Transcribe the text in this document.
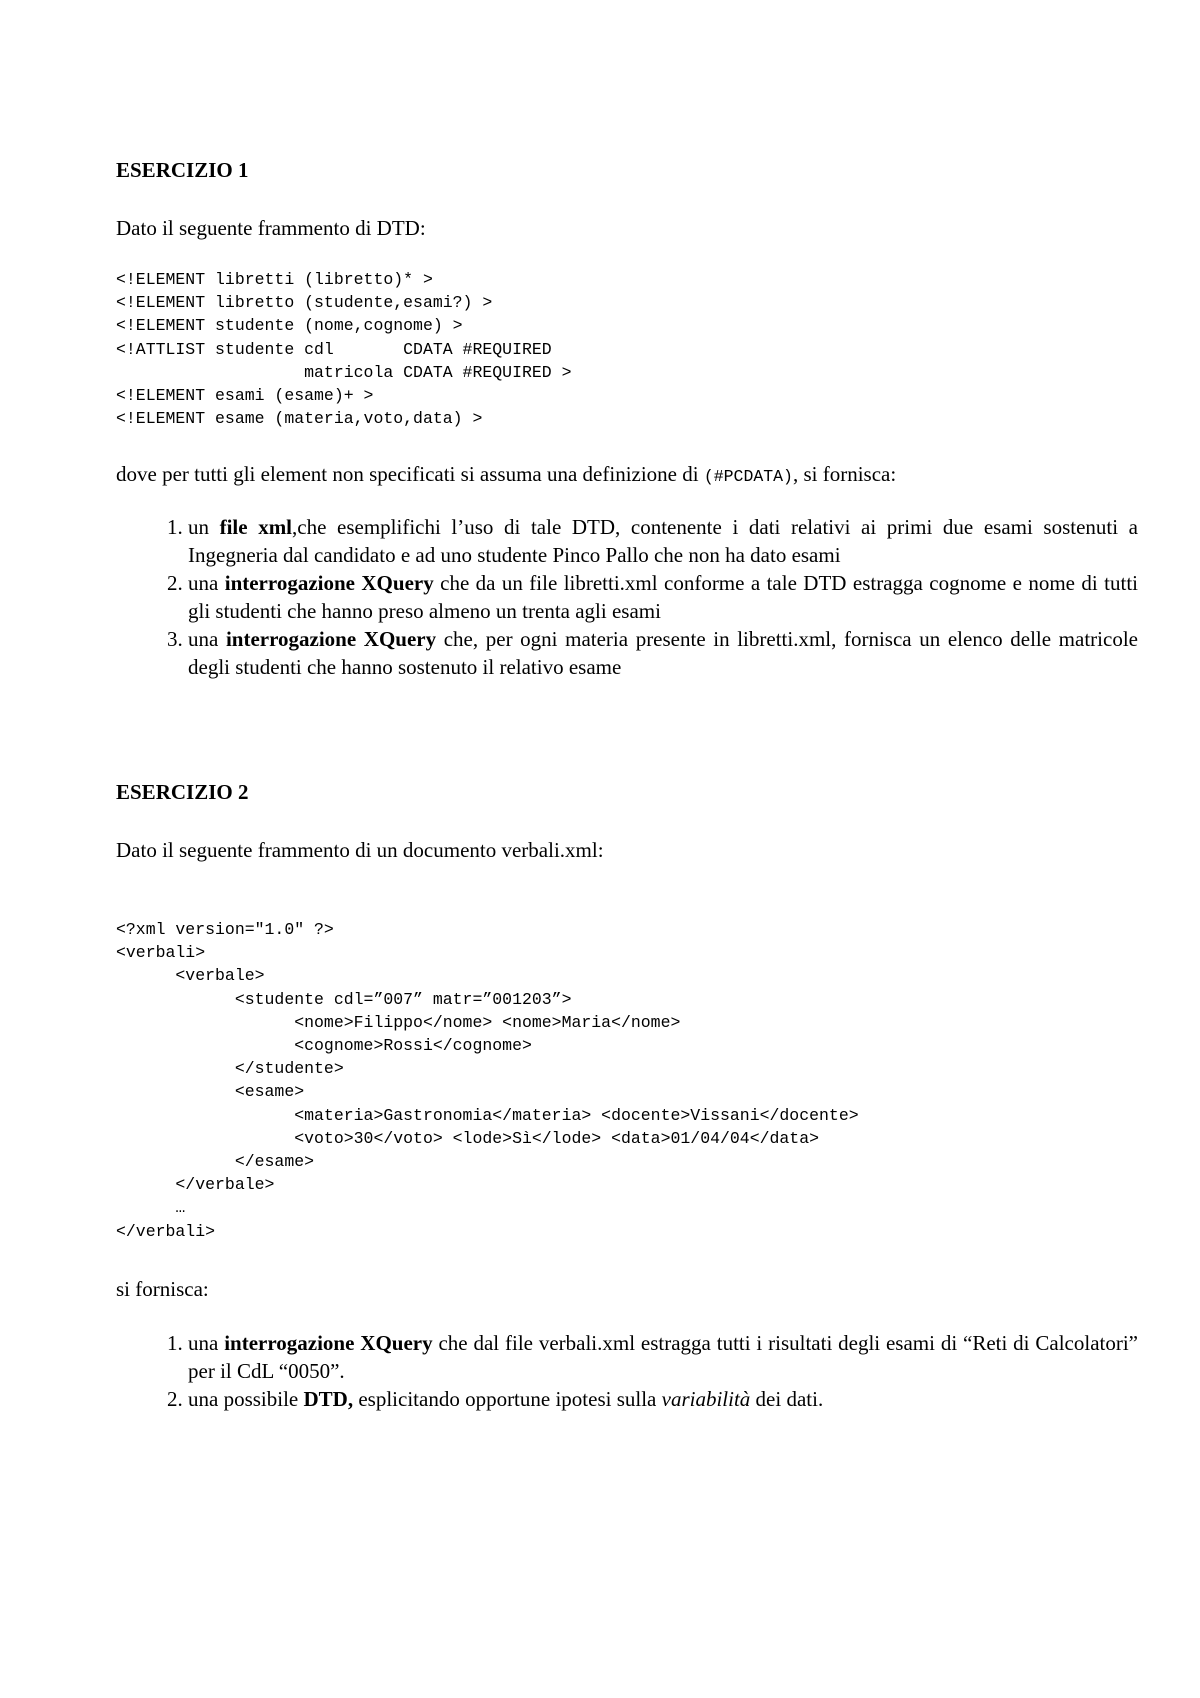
ESERCIZIO 1

Dato il seguente frammento di DTD:

<!ELEMENT libretti (libretto)* >
<!ELEMENT libretto (studente,esami?) >
<!ELEMENT studente (nome,cognome) >
<!ATTLIST studente cdl       CDATA #REQUIRED
matricola CDATA #REQUIRED >
<!ELEMENT esami (esame)+ >
<!ELEMENT esame (materia,voto,data) >

dove per tutti gli element non specificati si assuma una definizione di (#PCDATA), si fornisca:

1. un file xml,che esemplifichi l’uso di tale DTD, contenente i dati relativi ai primi due esami sostenuti a Ingegneria dal candidato e ad uno studente Pinco Pallo che non ha dato esami
2. una interrogazione XQuery che da un file libretti.xml conforme a tale DTD estragga cognome e nome di tutti gli studenti che hanno preso almeno un trenta agli esami
3. una interrogazione XQuery che, per ogni materia presente in libretti.xml, fornisca un elenco delle matricole degli studenti che hanno sostenuto il relativo esame
ESERCIZIO 2

Dato il seguente frammento di un documento verbali.xml:

<?xml version="1.0" ?>
<verbali>
<verbale>
<studente cdl=”007” matr=”001203”>
<nome>Filippo</nome> <nome>Maria</nome>
<cognome>Rossi</cognome>
</studente>
<esame>
<materia>Gastronomia</materia> <docente>Vissani</docente>
<voto>30</voto> <lode>Sì</lode> <data>01/04/04</data>
</esame>
</verbale>
…
</verbali>

si fornisca:

1. una interrogazione XQuery che dal file verbali.xml estragga tutti i risultati degli esami di “Reti di Calcolatori” per il CdL “0050”.
2. una possibile DTD, esplicitando opportune ipotesi sulla variabilità dei dati.
